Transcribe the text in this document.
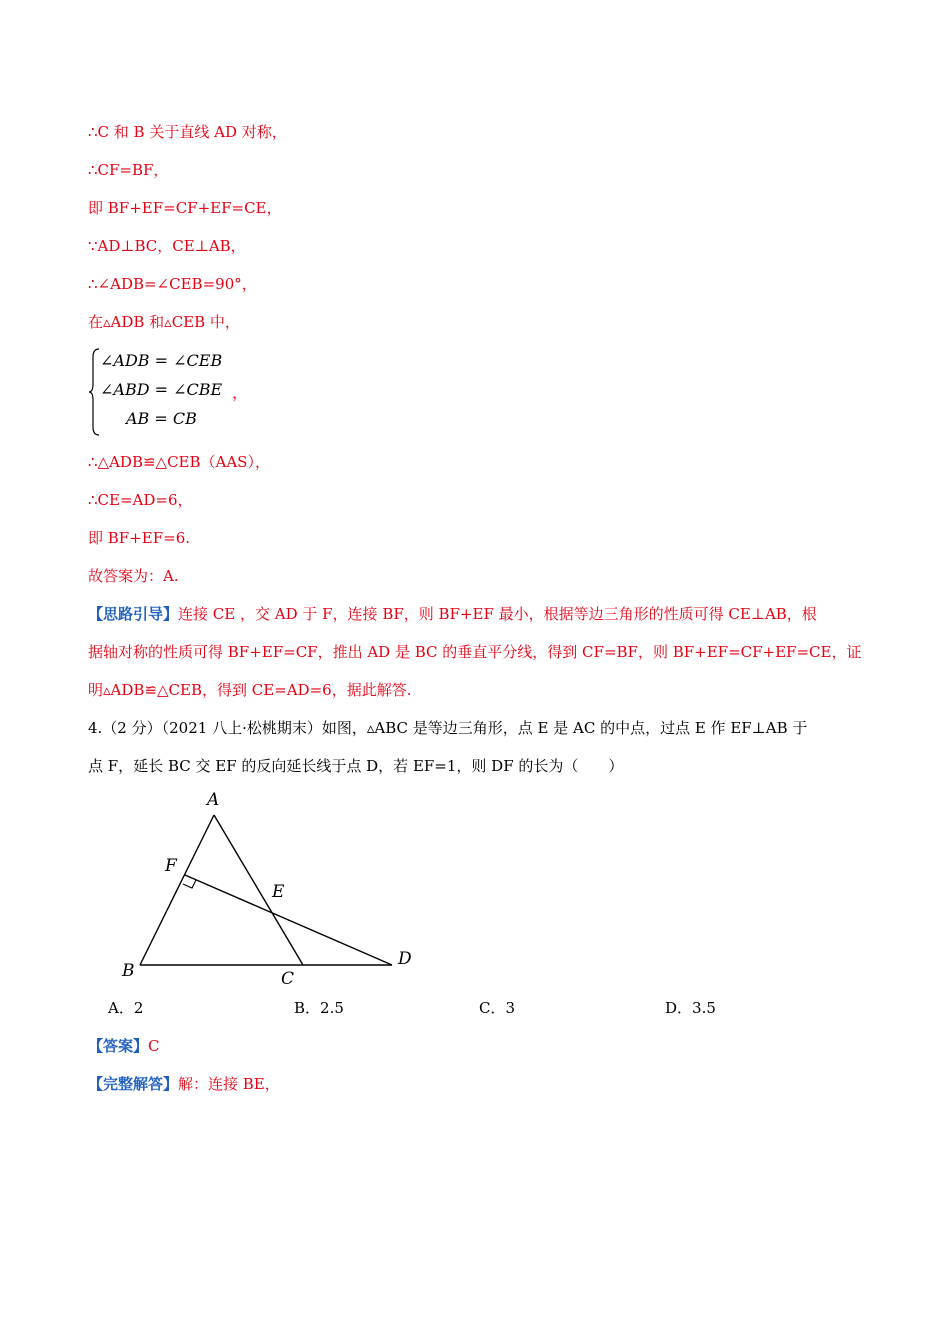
∴C 和 B 关于直线 AD 对称，
∴CF=BF，
即 BF+EF=CF+EF=CE，
∵AD⊥BC，CE⊥AB，
∴∠ADB=∠CEB=90°，
在▵ADB 和▵CEB 中，
∠ADB = ∠CEB
∠ABD = ∠CBE
AB = CB
，
∴△ADB≌△CEB（AAS），
∴CE=AD=6，
即 BF+EF=6.
故答案为：A.
【思路引导】连接 CE ，交 AD 于 F，连接 BF，则 BF+EF 最小，根据等边三角形的性质可得 CE⊥AB，根
据轴对称的性质可得 BF+EF=CF，推出 AD 是 BC 的垂直平分线，得到 CF=BF，则 BF+EF=CF+EF=CE，证
明▵ADB≌△CEB，得到 CE=AD=6，据此解答.
4.（2 分）（2021 八上·松桃期末）如图，▵ABC 是等边三角形，点 E 是 AC 的中点，过点 E 作 EF⊥AB 于
点 F，延长 BC 交 EF 的反向延长线于点 D，若 EF=1，则 DF 的长为（　　）
A
B	C
D
E
F
A．2	B．2.5	C．3	D．3.5
【答案】C
【完整解答】解：连接 BE，
